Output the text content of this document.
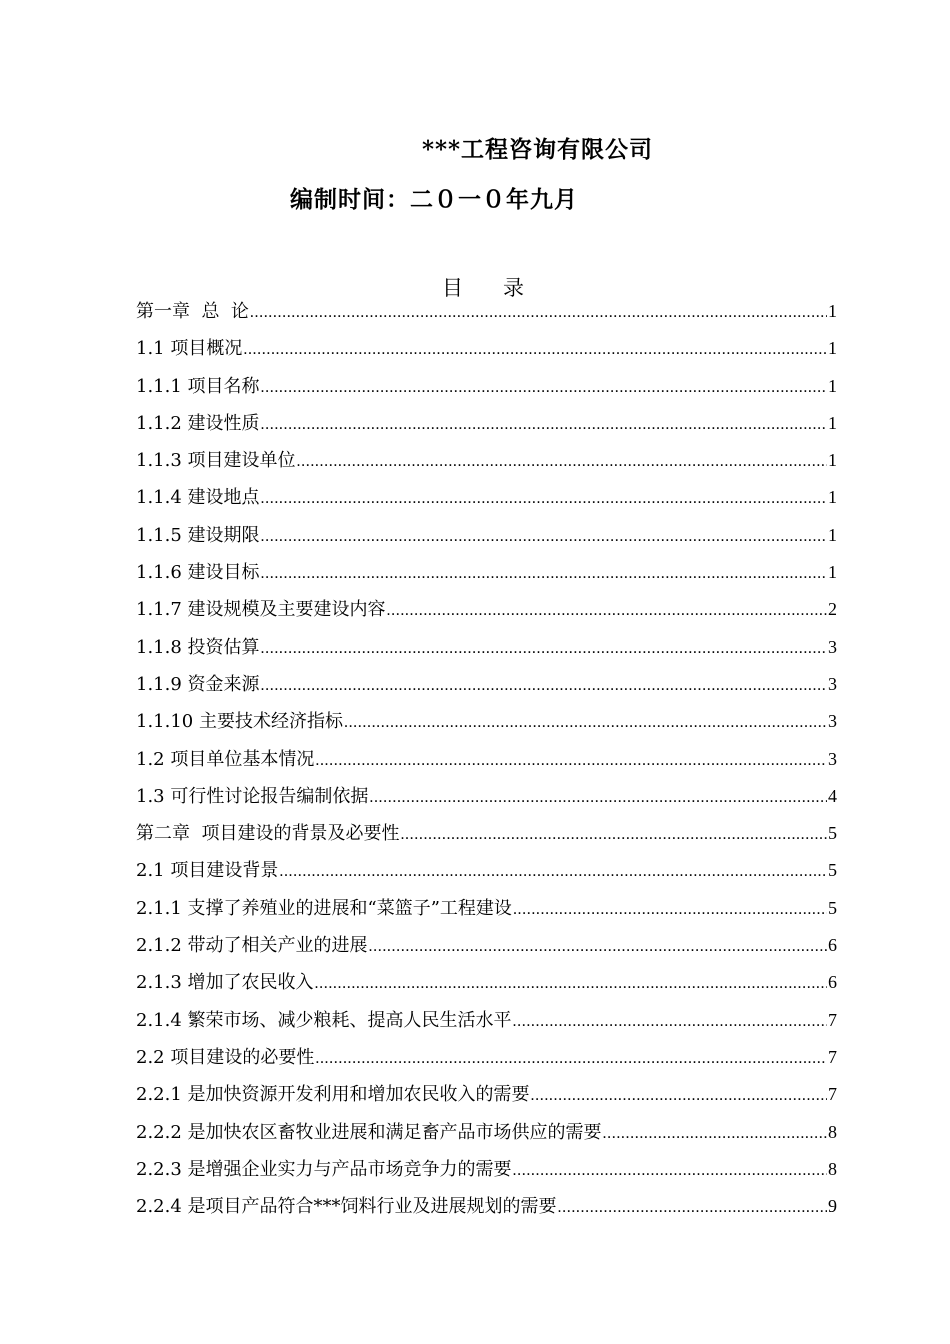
***工程咨询有限公司
编制时间：二０一０年九月
目      录
第一章  总  论 .....	1
1.1 项目概况 .....	1
1.1.1 项目名称 .....	1
1.1.2 建设性质 .....	1
1.1.3 项目建设单位 .....	1
1.1.4 建设地点 .....	1
1.1.5 建设期限 .....	1
1.1.6 建设目标 .....	1
1.1.7 建设规模及主要建设内容 .....	2
1.1.8 投资估算 .....	3
1.1.9 资金来源 .....	3
1.1.10 主要技术经济指标 .....	3
1.2 项目单位基本情况 .....	3
1.3 可行性讨论报告编制依据 .....	4
第二章  项目建设的背景及必要性 .....	5
2.1 项目建设背景 .....	5
2.1.1 支撑了养殖业的进展和“菜篮子”工程建设 .....	5
2.1.2 带动了相关产业的进展 .....	6
2.1.3 增加了农民收入 .....	6
2.1.4 繁荣市场、减少粮耗、提高人民生活水平 .....	7
2.2 项目建设的必要性 .....	7
2.2.1 是加快资源开发利用和增加农民收入的需要 .....	7
2.2.2 是加快农区畜牧业进展和满足畜产品市场供应的需要 .....	8
2.2.3 是增强企业实力与产品市场竞争力的需要 .....	8
2.2.4 是项目产品符合***饲料行业及进展规划的需要 .....	9
